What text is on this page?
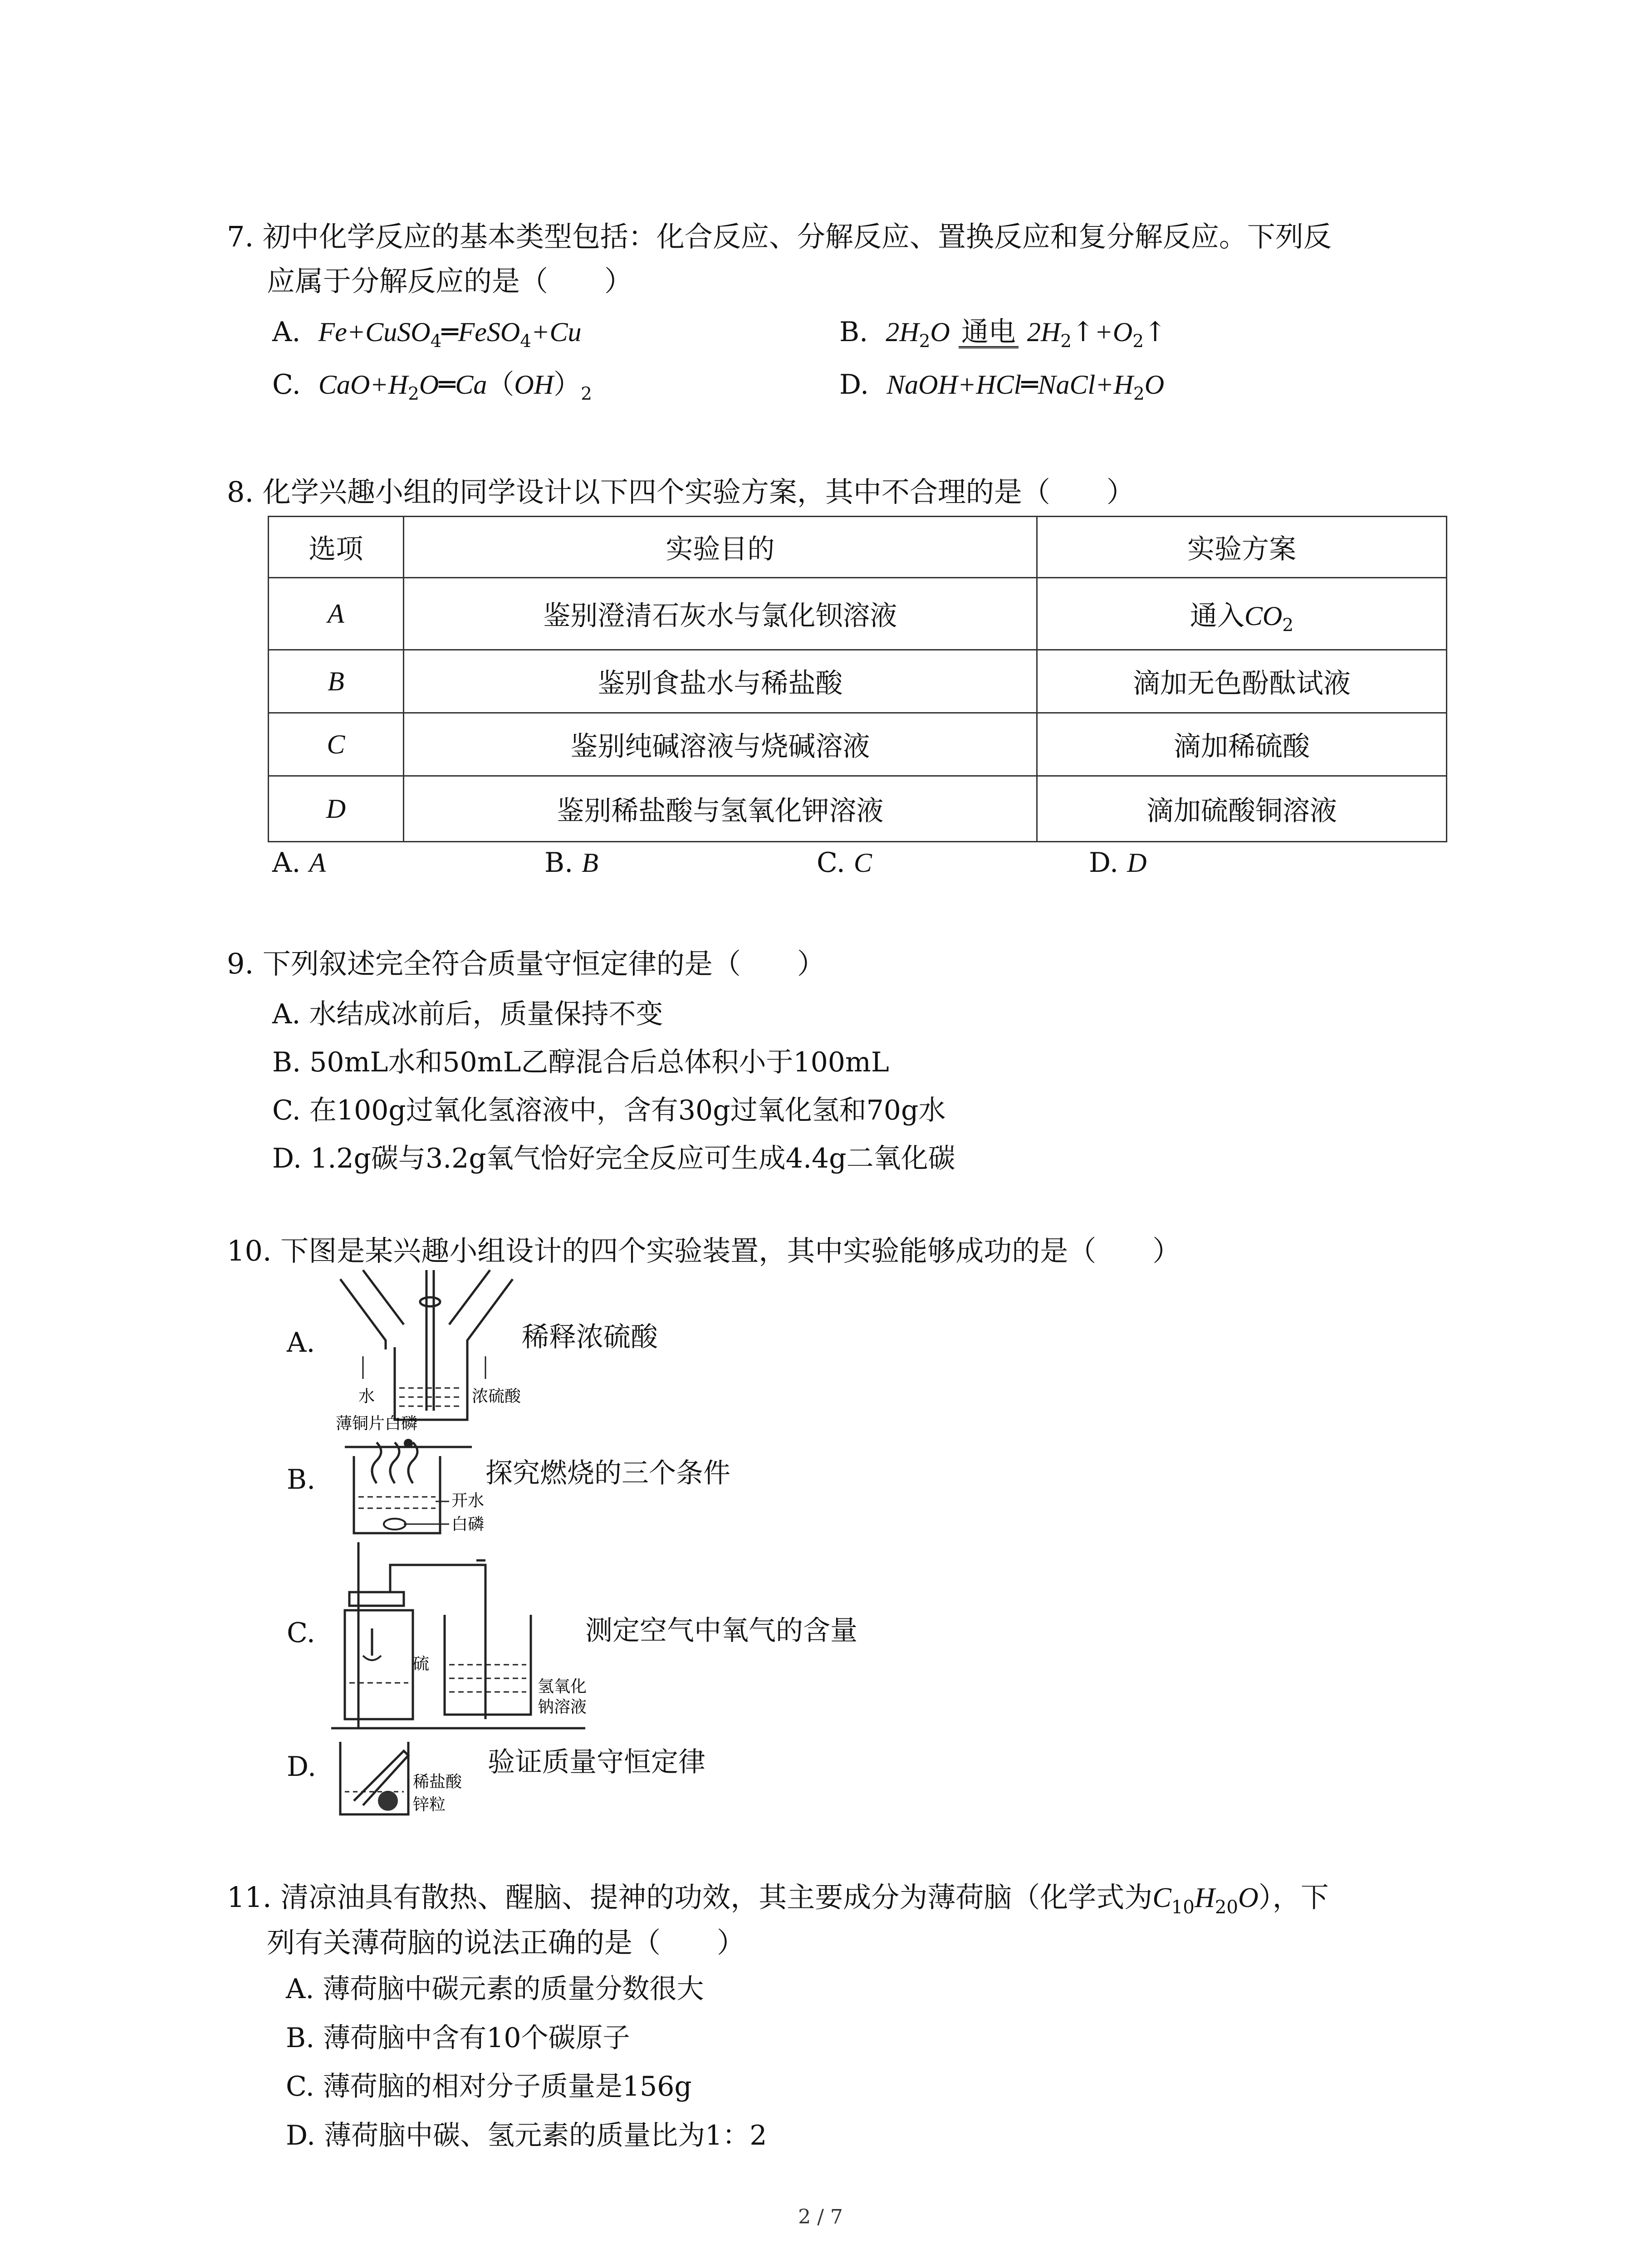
7. 初中化学反应的基本类型包括：化合反应、分解反应、置换反应和复分解反应。下列反
应属于分解反应的是（　　）
A. Fe+CuSO$_4$═FeSO$_4$+Cu	B. $2H_2O$ 通电 $2H_2↑+O_2↑$
C. $CaO+H_2O═Ca(OH)_2$	D. $NaOH+HCl═NaCl+H_2O$
8. 化学兴趣小组的同学设计以下四个实验方案，其中不合理的是（　　）
选项	实验目的	实验方案
A	鉴别澄清石灰水与氯化钡溶液	通入$CO_2$
B	鉴别食盐水与稀盐酸	滴加无色酚酞试液
C	鉴别纯碱溶液与烧碱溶液	滴加稀硫酸
D	鉴别稀盐酸与氢氧化钾溶液	滴加硫酸铜溶液
A. A	B. B	C. C	D. D
9. 下列叙述完全符合质量守恒定律的是（　　）
A. 水结成冰前后，质量保持不变
B. 50mL水和50mL乙醇混合后总体积小于100mL
C. 在100g过氧化氢溶液中，含有30g过氧化氢和70g水
D. 1.2g碳与3.2g氧气恰好完全反应可生成4.4g二氧化碳
10. 下图是某兴趣小组设计的四个实验装置，其中实验能够成功的是（　　）
A.	稀释浓硫酸
水	浓硫酸
B.	探究燃烧的三个条件
薄铜片白磷
开水
白磷
C.	测定空气中氧气的含量
硫
氢氧化
钠溶液
D.	验证质量守恒定律
稀盐酸
锌粒
11. 清凉油具有散热、醒脑、提神的功效，其主要成分为薄荷脑（化学式为$C_{10}H_{20}O$），下
列有关薄荷脑的说法正确的是（　　）
A. 薄荷脑中碳元素的质量分数很大
B. 薄荷脑中含有10个碳原子
C. 薄荷脑的相对分子质量是156g
D. 薄荷脑中碳、氢元素的质量比为1：2
2 / 7
